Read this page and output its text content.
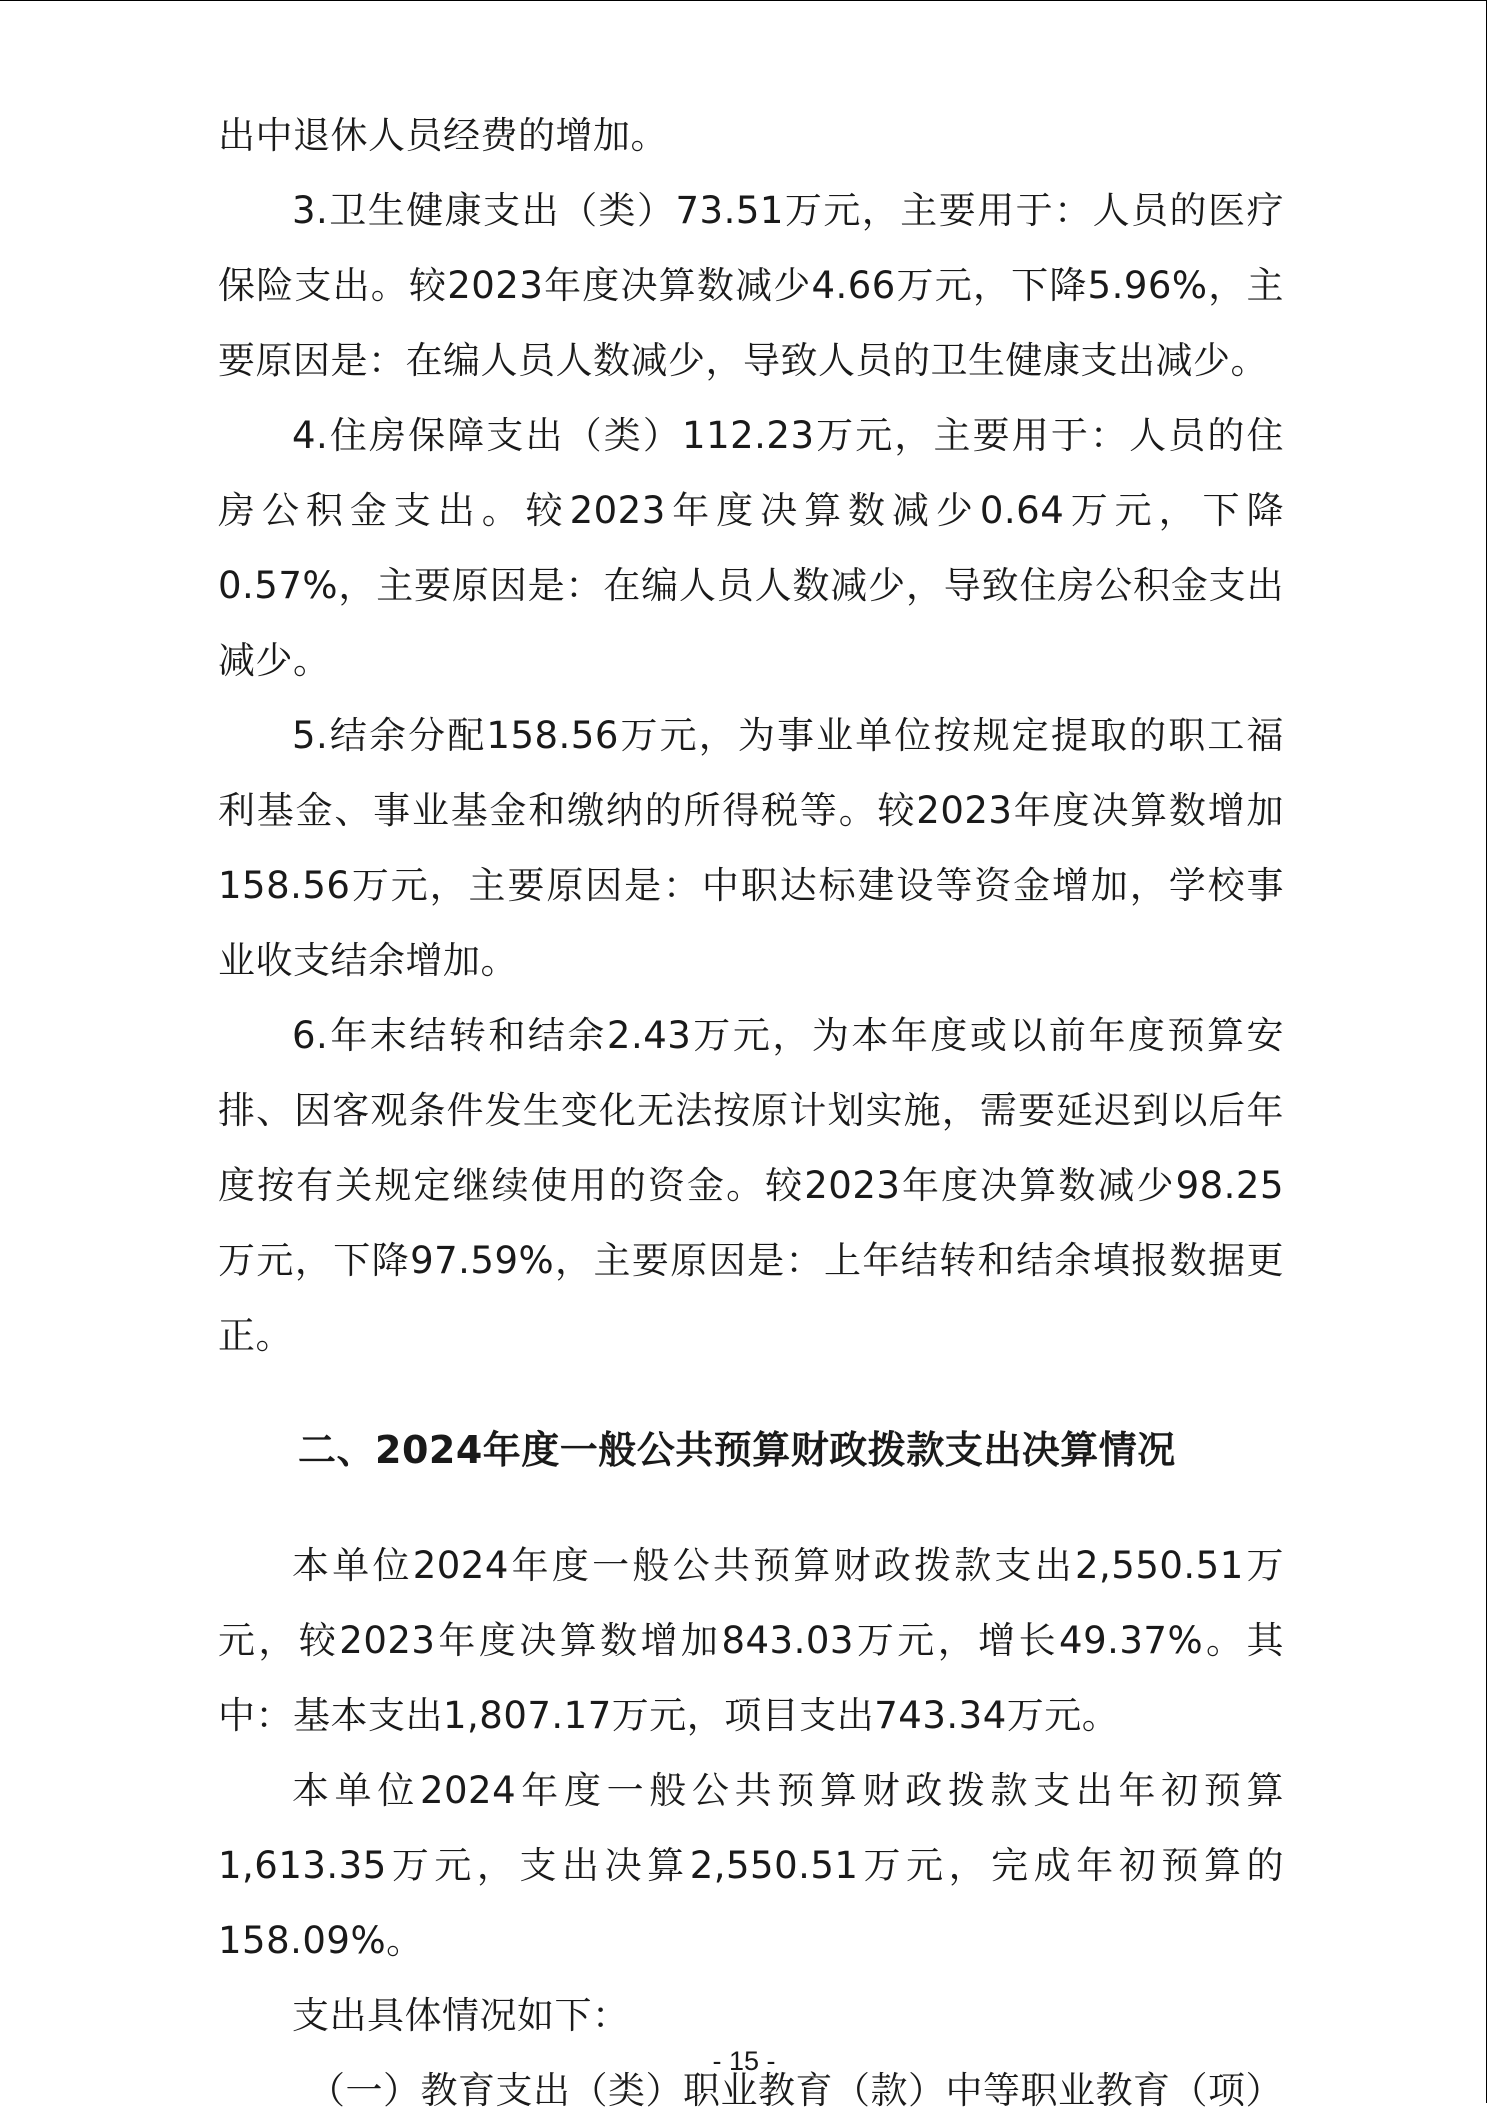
出中退休人员经费的增加。

3.卫生健康支出（类）73.51万元，主要用于：人员的医疗保险支出。较2023年度决算数减少4.66万元，下降5.96%，主要原因是：在编人员人数减少，导致人员的卫生健康支出减少。

4.住房保障支出（类）112.23万元，主要用于：人员的住房公积金支出。较2023年度决算数减少0.64万元，下降0.57%，主要原因是：在编人员人数减少，导致住房公积金支出减少。

5.结余分配158.56万元，为事业单位按规定提取的职工福利基金、事业基金和缴纳的所得税等。较2023年度决算数增加158.56万元，主要原因是：中职达标建设等资金增加，学校事业收支结余增加。

6.年末结转和结余2.43万元，为本年度或以前年度预算安排、因客观条件发生变化无法按原计划实施，需要延迟到以后年度按有关规定继续使用的资金。较2023年度决算数减少98.25万元，下降97.59%，主要原因是：上年结转和结余填报数据更正。

二、2024年度一般公共预算财政拨款支出决算情况

本单位2024年度一般公共预算财政拨款支出2,550.51万元，较2023年度决算数增加843.03万元，增长49.37%。其中：基本支出1,807.17万元，项目支出743.34万元。

本单位2024年度一般公共预算财政拨款支出年初预算1,613.35万元，支出决算2,550.51万元，完成年初预算的158.09%。

支出具体情况如下：

（一）教育支出（类）职业教育（款）中等职业教育（项）

- 15 -
